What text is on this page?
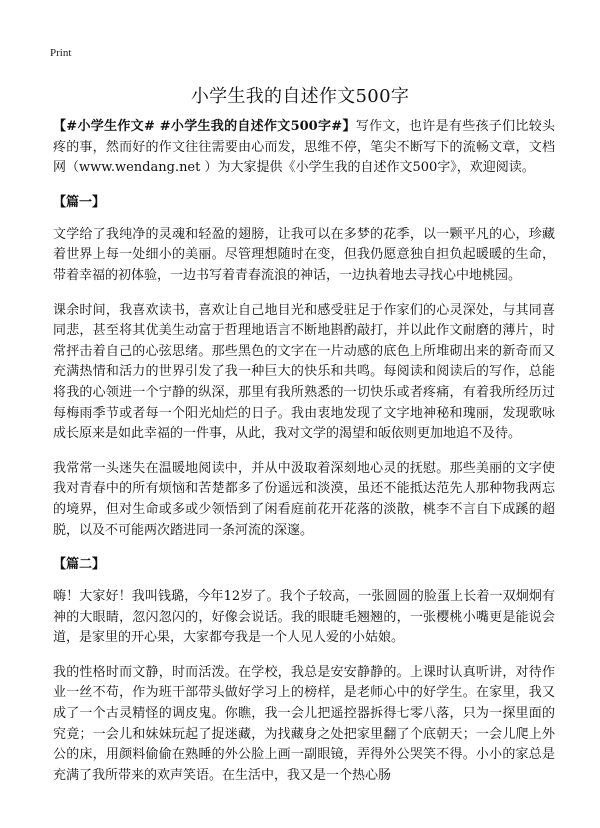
Print
小学生我的自述作文500字

【#小学生作文# #小学生我的自述作文500字#】写作文，也许是有些孩子们比较头疼的事，然而好的作文往往需要由心而发，思维不停，笔尖不断写下的流畅文章，文档网（www.wendang.net ）为大家提供《小学生我的自述作文500字》，欢迎阅读。

【篇一】

文学给了我纯净的灵魂和轻盈的翅膀，让我可以在多梦的花季，以一颗平凡的心，珍藏着世界上每一处细小的美丽。尽管理想随时在变，但我仍愿意独自担负起暖暖的生命，带着幸福的初体验，一边书写着青春流浪的神话，一边执着地去寻找心中地桃园。

课余时间，我喜欢读书，喜欢让自己地目光和感受驻足于作家们的心灵深处，与其同喜同悲，甚至将其优美生动富于哲理地语言不断地斟酌敲打，并以此作文耐磨的薄片，时常抨击着自己的心弦思绪。那些黑色的文字在一片动感的底色上所堆砌出来的新奇而又充满热情和活力的世界引发了我一种巨大的快乐和共鸣。每阅读和阅读后的写作，总能将我的心领进一个宁静的纵深，那里有我所熟悉的一切快乐或者疼痛，有着我所经历过每梅雨季节或者每一个阳光灿烂的日子。我由衷地发现了文字地神秘和瑰丽，发现歌咏成长原来是如此幸福的一件事，从此，我对文学的渴望和皈依则更加地追不及待。

我常常一头迷失在温暖地阅读中，并从中汲取着深刻地心灵的抚慰。那些美丽的文字使我对青春中的所有烦恼和苦楚都多了份遥远和淡漠，虽还不能抵达范先人那种物我两忘的境界，但对生命或多或少领悟到了闲看庭前花开花落的淡散，桃李不言自下成蹊的超脱，以及不可能两次踏进同一条河流的深邃。

【篇二】

嗨！大家好！我叫钱璐，今年12岁了。我个子较高，一张圆圆的脸蛋上长着一双炯炯有神的大眼睛，忽闪忽闪的，好像会说话。我的眼睫毛翘翘的，一张樱桃小嘴更是能说会道，是家里的开心果，大家都夸我是一个人见人爱的小姑娘。

我的性格时而文静，时而活泼。在学校，我总是安安静静的。上课时认真听讲，对待作业一丝不苟，作为班干部带头做好学习上的榜样，是老师心中的好学生。在家里，我又成了一个古灵精怪的调皮鬼。你瞧，我一会儿把遥控器拆得七零八落，只为一探里面的究竟；一会儿和妹妹玩起了捉迷藏，为找藏身之处把家里翻了个底朝天；一会儿爬上外公的床，用颜料偷偷在熟睡的外公脸上画一副眼镜，弄得外公哭笑不得。小小的家总是充满了我所带来的欢声笑语。在生活中，我又是一个热心肠
